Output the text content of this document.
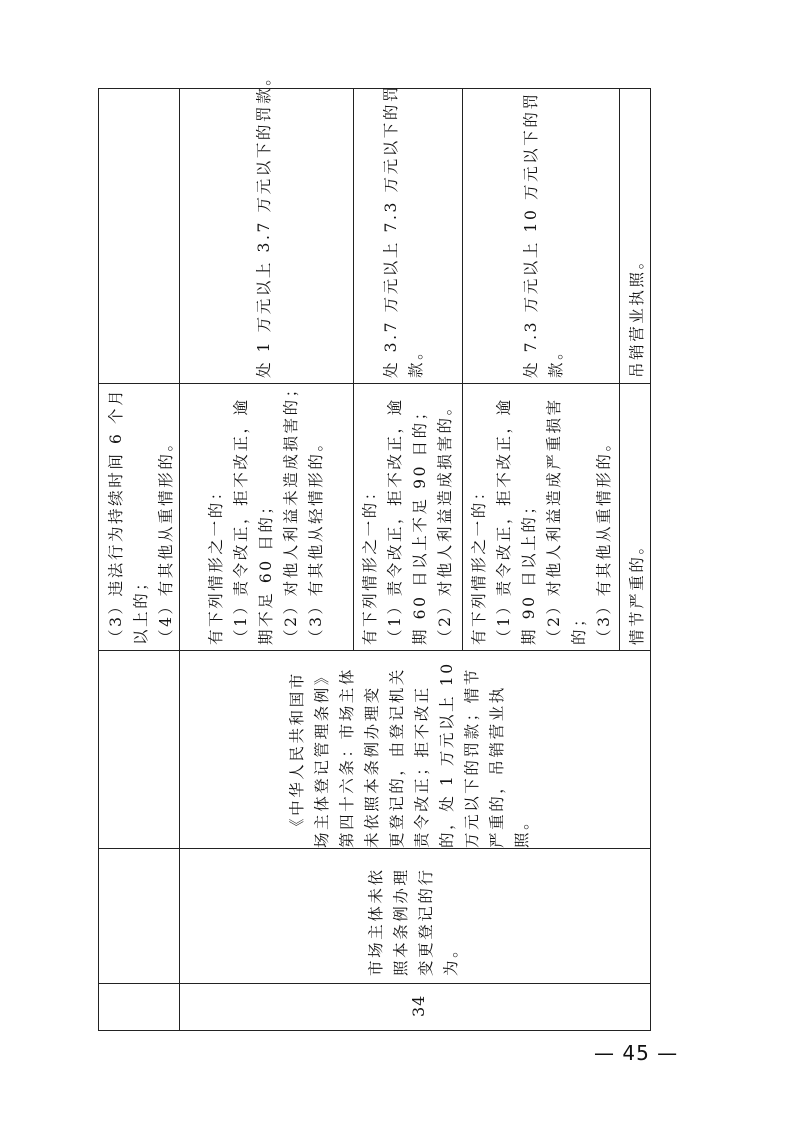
34
市场主体未依 照本条例办理 变更登记的行 为。
《中华人民共和国市 场主体登记管理条例》 第四十六条：市场主体 未依照本条例办理变 更登记的，由登记机关 责令改正；拒不改正 的，处 1 万元以上 10 万元以下的罚款；情节 严重的，吊销营业执 照。
（3）违法行为持续时间 6 个月 以上的； （4）有其他从重情形的。 有下列情形之一的： （1）责令改正，拒不改正，逾 期不足 60 日的； （2）对他人利益未造成损害的； （3）有其他从轻情形的。
处 1 万元以上 3.7 万元以下的罚款。
有下列情形之一的： （1）责令改正，拒不改正，逾 期 60 日以上不足 90 日的； （2）对他人利益造成损害的。
处 3.7 万元以上 7.3 万元以下的罚 款。
有下列情形之一的： （1）责令改正，拒不改正，逾 期 90 日以上的； （2）对他人利益造成严重损害 的； （3）有其他从重情形的。
处 7.3 万元以上 10 万元以下的罚 款。
情节严重的。
吊销营业执照。
— 45 —
